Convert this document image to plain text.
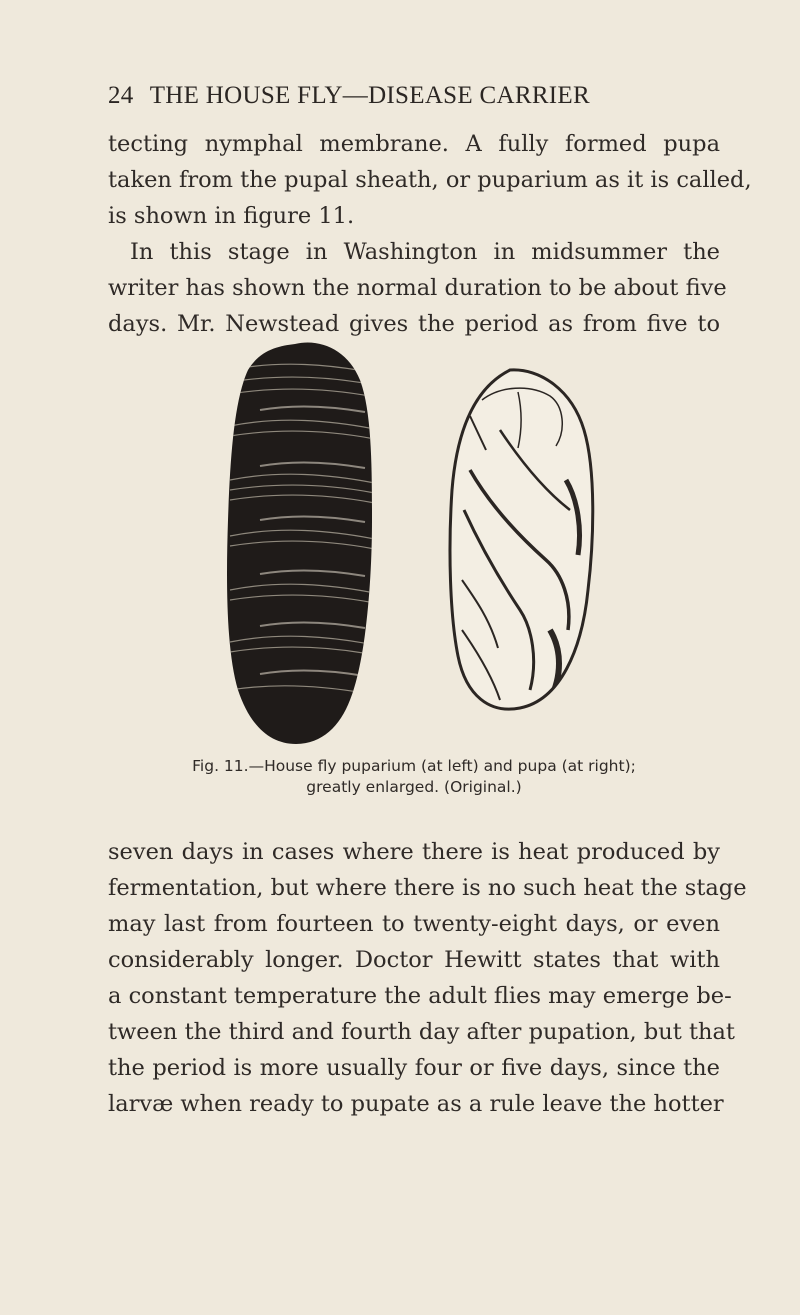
24 THE HOUSE FLY—DISEASE CARRIER
tecting nymphal membrane. A fully formed pupa
taken from the pupal sheath, or puparium as it is called,
is shown in figure 11.
In this stage in Washington in midsummer the
writer has shown the normal duration to be about five
days. Mr. Newstead gives the period as from five to
Fig. 11.—House fly puparium (at left) and pupa (at right);
greatly enlarged. (Original.)
seven days in cases where there is heat produced by
fermentation, but where there is no such heat the stage
may last from fourteen to twenty-eight days, or even
considerably longer. Doctor Hewitt states that with
a constant temperature the adult flies may emerge be-
tween the third and fourth day after pupation, but that
the period is more usually four or five days, since the
larvæ when ready to pupate as a rule leave the hotter
